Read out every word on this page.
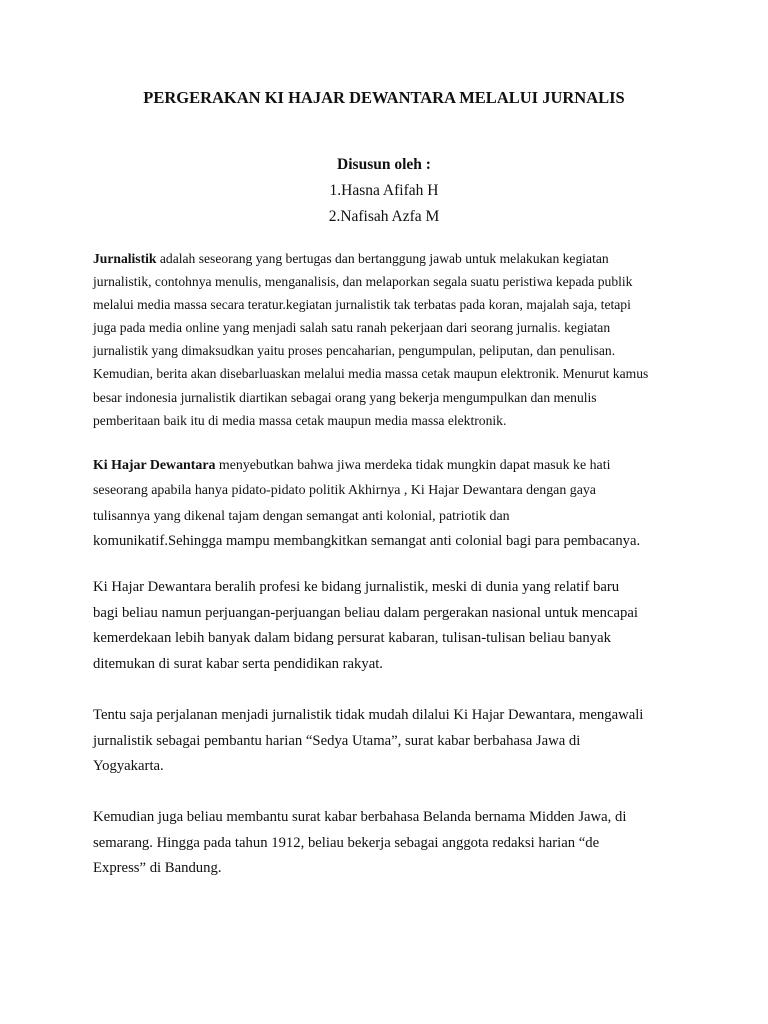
PERGERAKAN KI HAJAR DEWANTARA MELALUI JURNALIS
Disusun oleh :
1.Hasna Afifah H
2.Nafisah Azfa M
Jurnalistik adalah seseorang yang bertugas dan bertanggung jawab untuk melakukan kegiatan
jurnalistik, contohnya menulis, menganalisis, dan melaporkan segala suatu peristiwa kepada publik
melalui media massa secara teratur.kegiatan jurnalistik tak terbatas pada koran, majalah saja, tetapi
juga pada media online yang menjadi salah satu ranah pekerjaan dari seorang jurnalis. kegiatan
jurnalistik yang dimaksudkan yaitu proses pencaharian, pengumpulan, peliputan, dan penulisan.
Kemudian, berita akan disebarluaskan melalui media massa cetak maupun elektronik. Menurut kamus
besar indonesia jurnalistik diartikan sebagai orang yang bekerja mengumpulkan dan menulis
pemberitaan baik itu di media massa cetak maupun media massa elektronik.
Ki Hajar Dewantara menyebutkan bahwa jiwa merdeka tidak mungkin dapat masuk ke hati
seseorang apabila hanya pidato-pidato politik Akhirnya , Ki Hajar Dewantara dengan gaya
tulisannya yang dikenal tajam dengan semangat anti kolonial, patriotik dan
komunikatif.Sehingga mampu membangkitkan semangat anti colonial bagi para pembacanya.
Ki Hajar Dewantara beralih profesi ke bidang jurnalistik, meski di dunia yang relatif baru
bagi beliau namun perjuangan-perjuangan beliau dalam pergerakan nasional untuk mencapai
kemerdekaan lebih banyak dalam bidang persurat kabaran, tulisan-tulisan beliau banyak
ditemukan di surat kabar serta pendidikan rakyat.
Tentu saja perjalanan menjadi jurnalistik tidak mudah dilalui Ki Hajar Dewantara, mengawali
jurnalistik sebagai pembantu harian “Sedya Utama”, surat kabar berbahasa Jawa di
Yogyakarta.
Kemudian juga beliau membantu surat kabar berbahasa Belanda bernama Midden Jawa, di
semarang. Hingga pada tahun 1912, beliau bekerja sebagai anggota redaksi harian “de
Express” di Bandung.
